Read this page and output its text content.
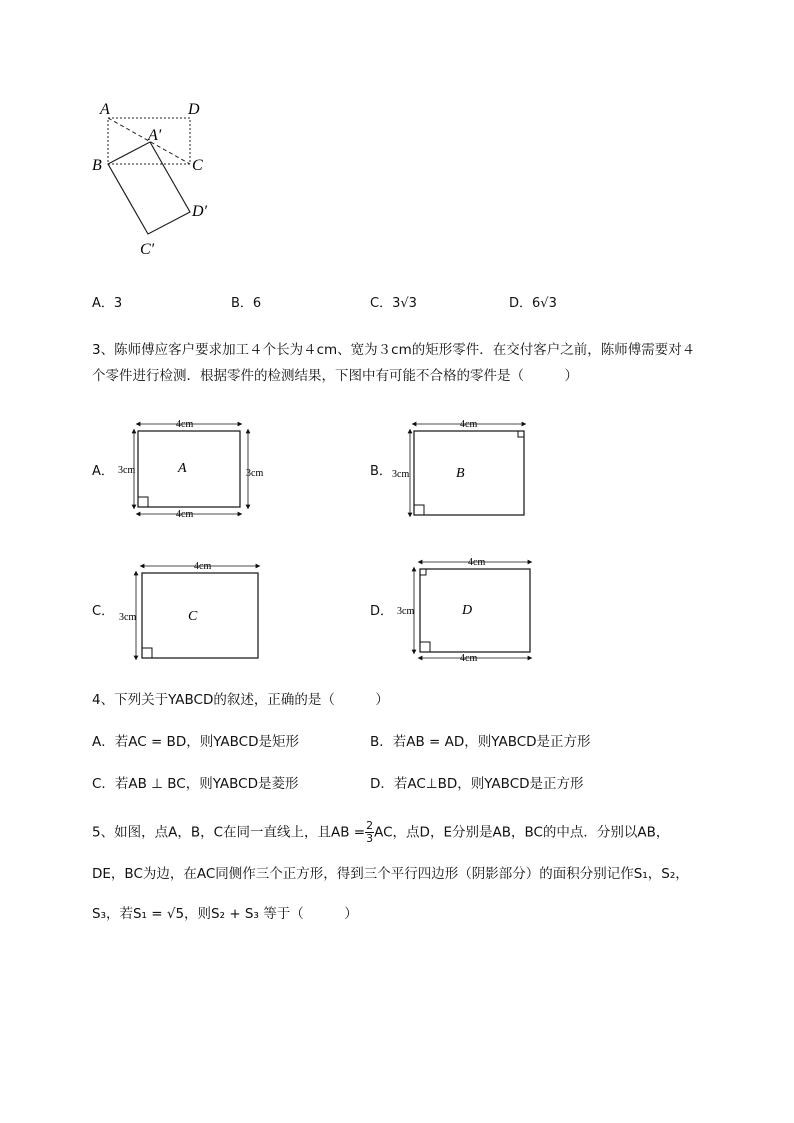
A	D
A′
B	C
D′
C′
A．3	B．6	C．3√3	D．6√3
3、陈师傅应客户要求加工４个长为４cm、宽为３cm的矩形零件．在交付客户之前，陈师傅需要对４
个零件进行检测．根据零件的检测结果，下图中有可能不合格的零件是（　　　）
A．	B．
C．	D．
4cm
4cm
3cm	3cm
A
4cm
3cm	B
4cm
3cm	C
4cm
4cm
3cm	D
4、下列关于YABCD的叙述，正确的是（　　　）
A．若AC = BD，则YABCD是矩形	B．若AB = AD，则YABCD是正方形
C．若AB ⊥ BC，则YABCD是菱形	D．若AC⊥BD，则YABCD是正方形
5、如图，点A，B，C在同一直线上，且AB = $\frac{2}{3}$ AC，点D，E分别是AB，BC的中点．分别以AB，
DE，BC为边，在AC同侧作三个正方形，得到三个平行四边形（阴影部分）的面积分别记作S₁，S₂，
S₃，若S₁ = √5，则S₂ + S₃ 等于（　　　）
